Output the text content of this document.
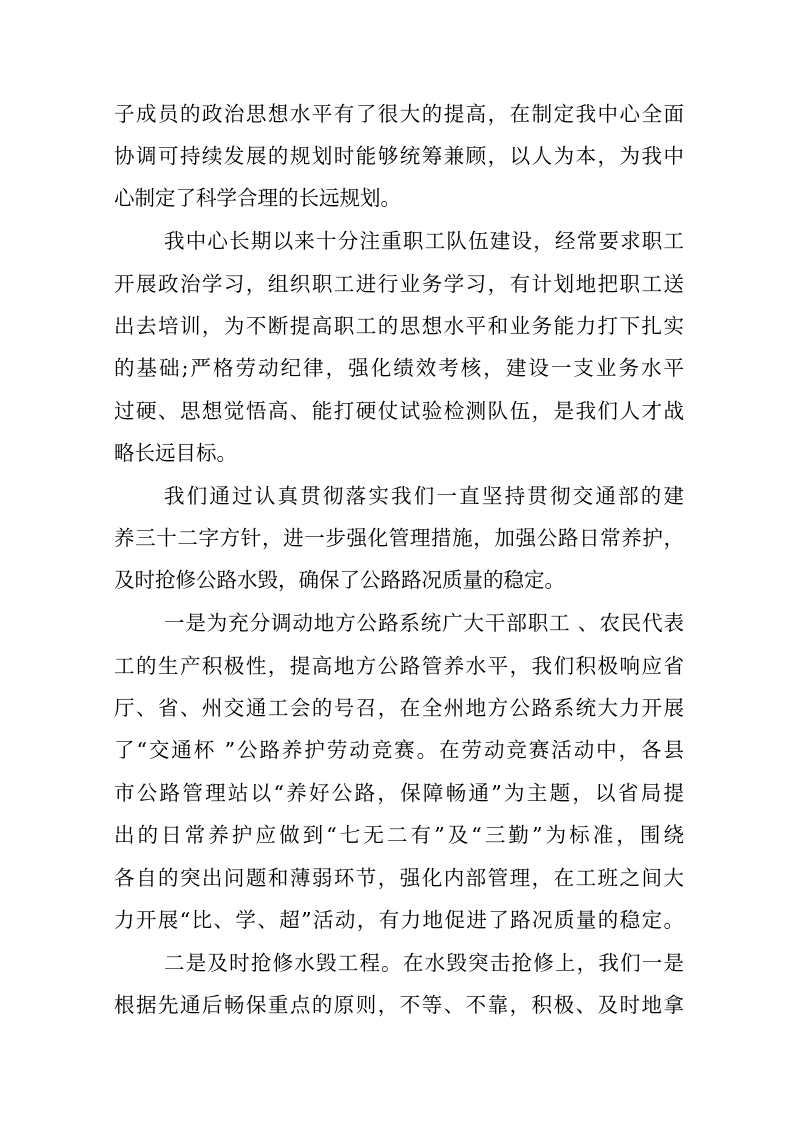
子成员的政治思想水平有了很大的提高，在制定我中心全面
协调可持续发展的规划时能够统筹兼顾，以人为本，为我中
心制定了科学合理的长远规划。
我中心长期以来十分注重职工队伍建设，经常要求职工
开展政治学习，组织职工进行业务学习，有计划地把职工送
出去培训，为不断提高职工的思想水平和业务能力打下扎实
的基础;严格劳动纪律，强化绩效考核，建设一支业务水平
过硬、思想觉悟高、能打硬仗试验检测队伍，是我们人才战
略长远目标。
我们通过认真贯彻落实我们一直坚持贯彻交通部的建
养三十二字方针，进一步强化管理措施，加强公路日常养护，
及时抢修公路水毁，确保了公路路况质量的稳定。
一是为充分调动地方公路系统广大干部职工 、农民代表
工的生产积极性，提高地方公路管养水平，我们积极响应省
厅、省、州交通工会的号召，在全州地方公路系统大力开展
了“交通杯 ”公路养护劳动竞赛。在劳动竞赛活动中，各县
市公路管理站以“养好公路，保障畅通”为主题，以省局提
出的日常养护应做到“七无二有”及“三勤”为标准，围绕
各自的突出问题和薄弱环节，强化内部管理，在工班之间大
力开展“比、学、超”活动，有力地促进了路况质量的稳定。
二是及时抢修水毁工程。在水毁突击抢修上，我们一是
根据先通后畅保重点的原则，不等、不靠，积极、及时地拿
